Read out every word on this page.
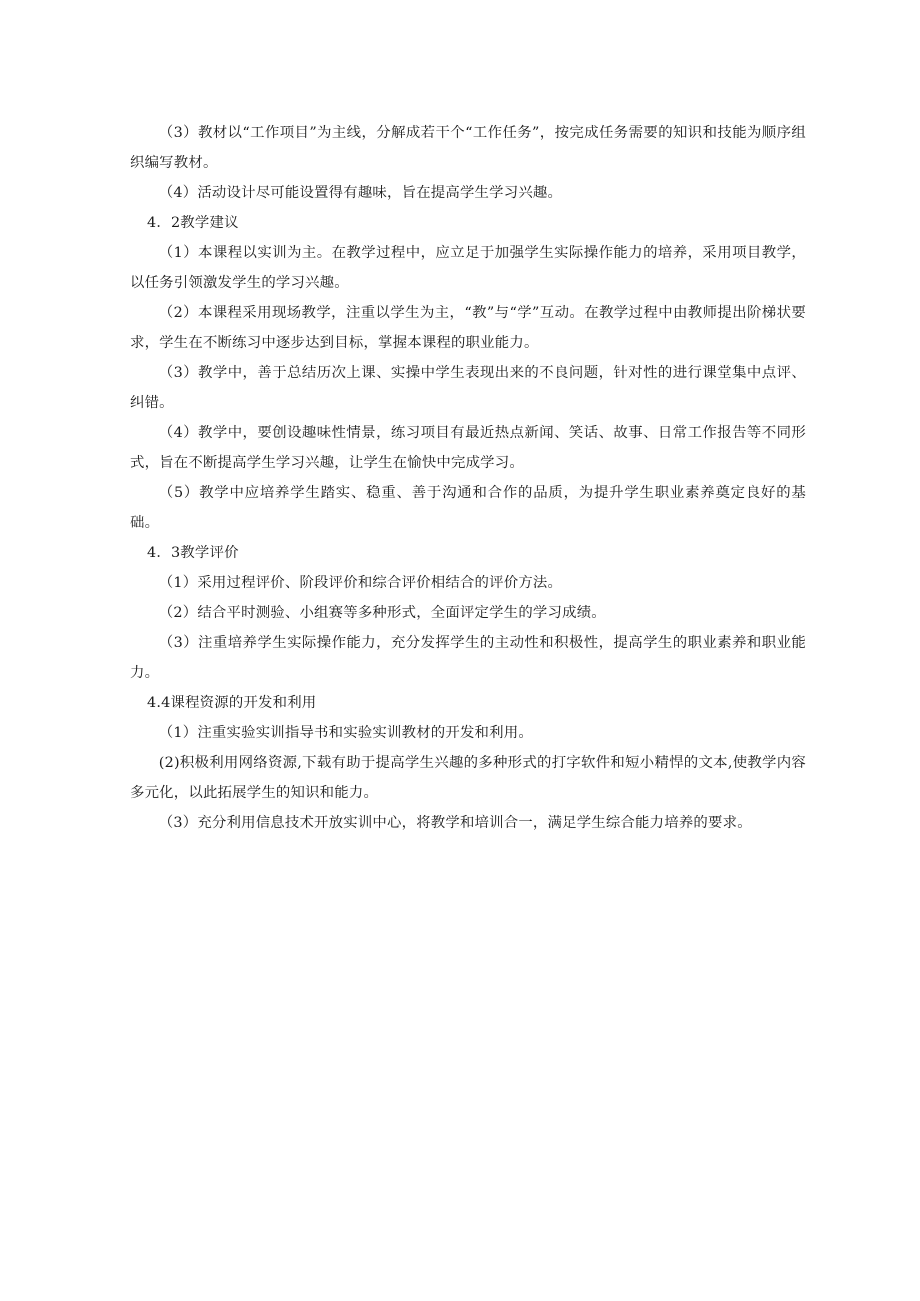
（3）教材以“工作项目”为主线，分解成若干个“工作任务”，按完成任务需要的知识和技能为顺序组织编写教材。

（4）活动设计尽可能设置得有趣味，旨在提高学生学习兴趣。

4．2教学建议

（1）本课程以实训为主。在教学过程中，应立足于加强学生实际操作能力的培养，采用项目教学，以任务引领激发学生的学习兴趣。

（2）本课程采用现场教学，注重以学生为主，“教”与“学”互动。在教学过程中由教师提出阶梯状要求，学生在不断练习中逐步达到目标，掌握本课程的职业能力。

（3）教学中，善于总结历次上课、实操中学生表现出来的不良问题，针对性的进行课堂集中点评、纠错。

（4）教学中，要创设趣味性情景，练习项目有最近热点新闻、笑话、故事、日常工作报告等不同形式，旨在不断提高学生学习兴趣，让学生在愉快中完成学习。

（5）教学中应培养学生踏实、稳重、善于沟通和合作的品质，为提升学生职业素养奠定良好的基础。

4．3教学评价

（1）采用过程评价、阶段评价和综合评价相结合的评价方法。

（2）结合平时测验、小组赛等多种形式，全面评定学生的学习成绩。

（3）注重培养学生实际操作能力，充分发挥学生的主动性和积极性，提高学生的职业素养和职业能力。

4.4课程资源的开发和利用

（1）注重实验实训指导书和实验实训教材的开发和利用。

(2)积极利用网络资源,下载有助于提高学生兴趣的多种形式的打字软件和短小精悍的文本,使教学内容多元化，以此拓展学生的知识和能力。

（3）充分利用信息技术开放实训中心，将教学和培训合一，满足学生综合能力培养的要求。
